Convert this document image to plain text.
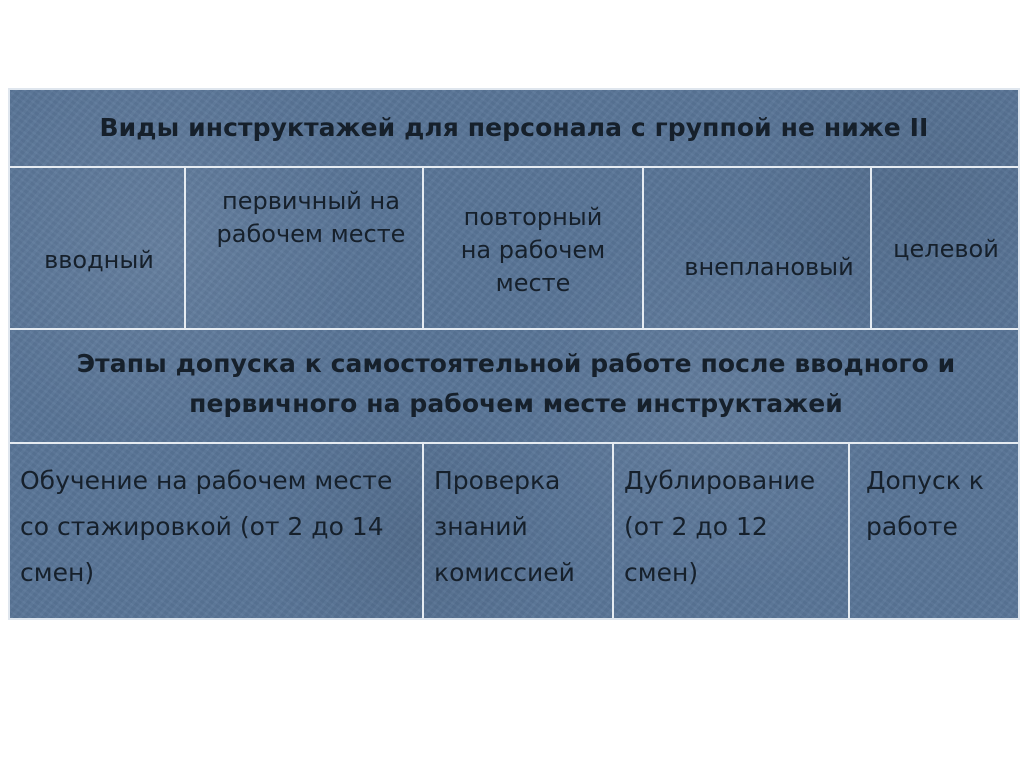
Виды инструктажей для персонала с группой не ниже II
вводный
первичный на рабочем месте
повторный на рабочем месте
внеплановый
целевой
Этапы допуска к самостоятельной работе после вводного и первичного на рабочем месте инструктажей
Обучение на рабочем месте со стажировкой (от 2 до 14 смен)
Проверка знаний комиссией
Дублирование (от 2 до 12 смен)
Допуск к работе
